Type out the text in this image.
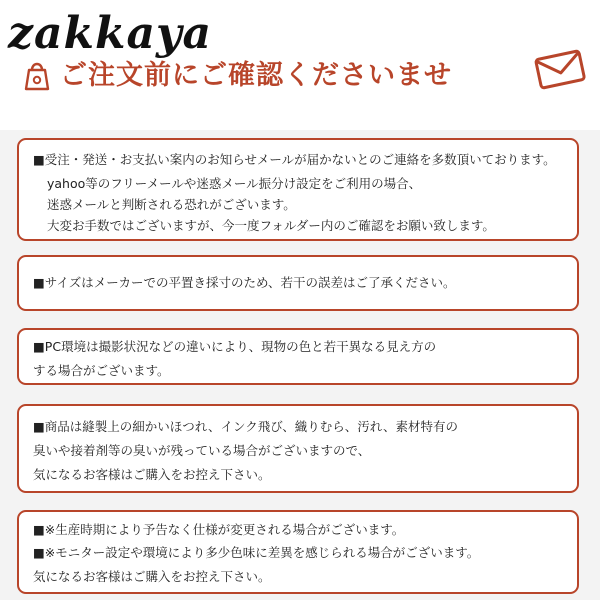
zakkaya
ご注文前にご確認くださいませ
■受注・発送・お支払い案内のお知らせメールが届かないとのご連絡を多数頂いております。
yahoo等のフリーメールや迷惑メール振分け設定をご利用の場合、
迷惑メールと判断される恐れがございます。
大変お手数ではございますが、今一度フォルダー内のご確認をお願い致します。
■サイズはメーカーでの平置き採寸のため、若干の誤差はご了承ください。
■PC環境は撮影状況などの違いにより、現物の色と若干異なる見え方の
する場合がございます。
■商品は縫製上の細かいほつれ、インク飛び、織りむら、汚れ、素材特有の
臭いや接着剤等の臭いが残っている場合がございますので、
気になるお客様はご購入をお控え下さい。
■※生産時期により予告なく仕様が変更される場合がございます。
■※モニター設定や環境により多少色味に差異を感じられる場合がございます。
気になるお客様はご購入をお控え下さい。
